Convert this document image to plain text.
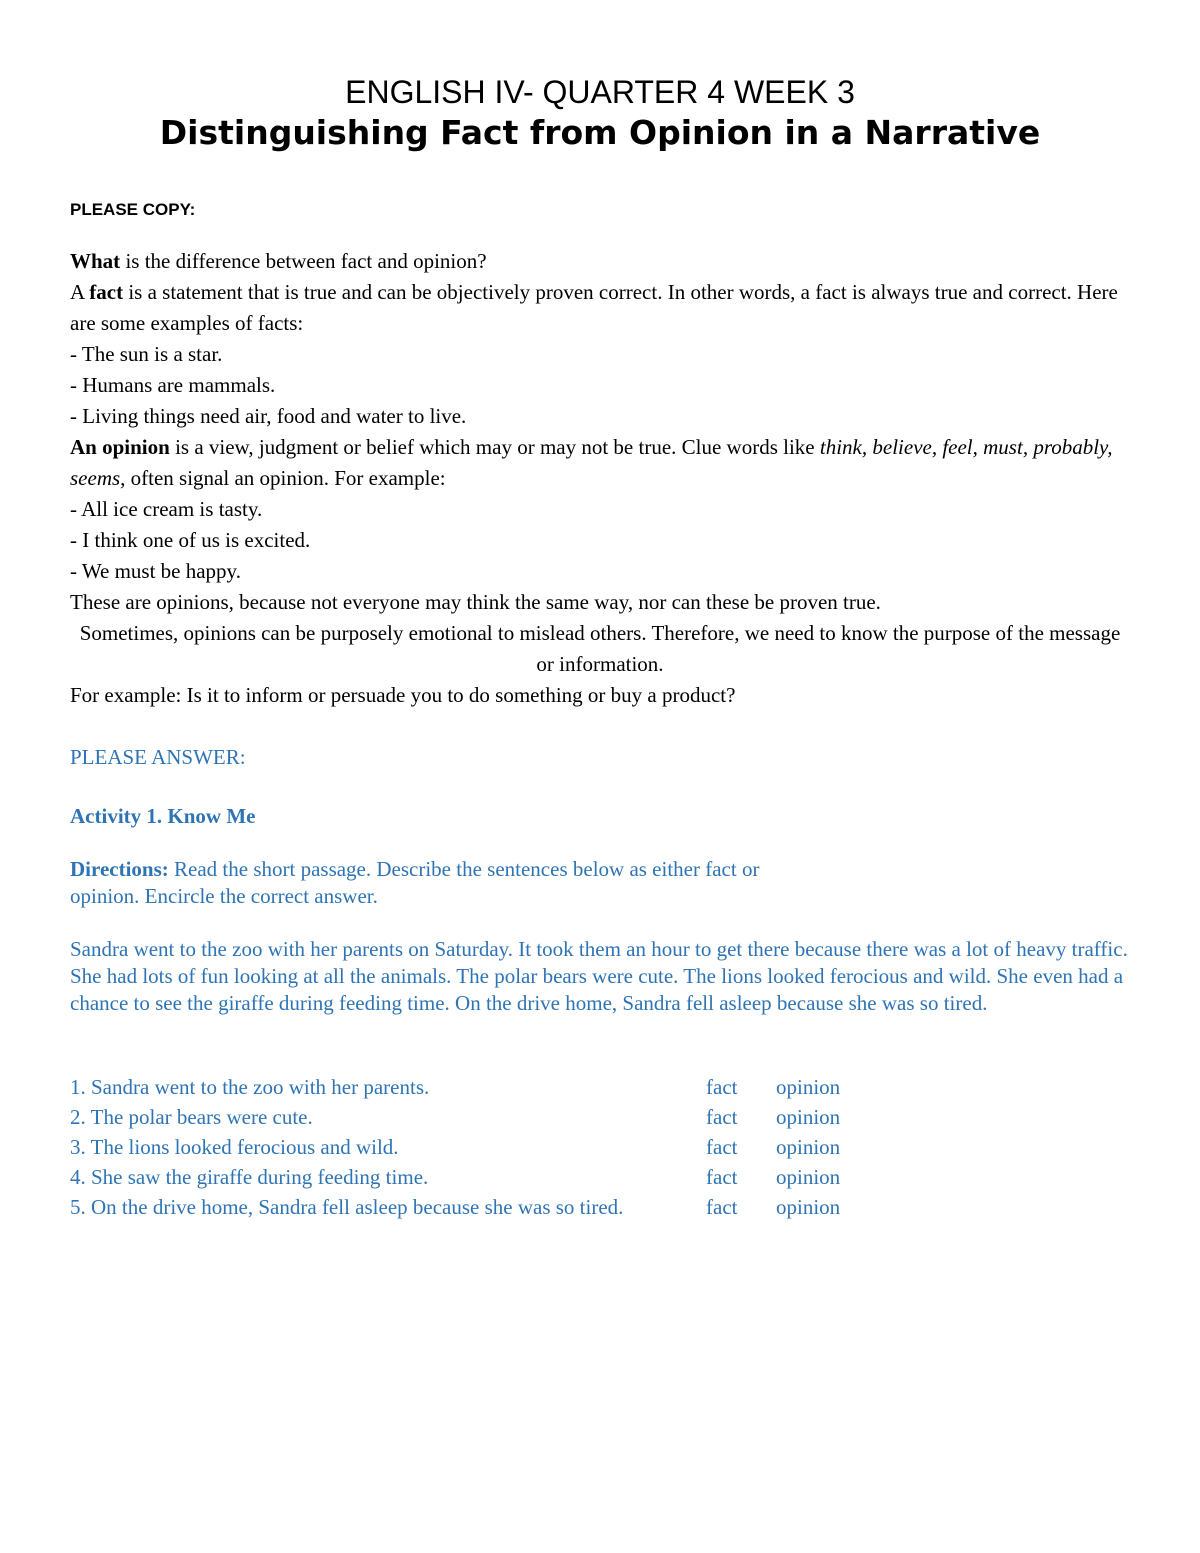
ENGLISH IV- QUARTER 4 WEEK 3
Distinguishing Fact from Opinion in a Narrative
PLEASE COPY:

What is the difference between fact and opinion?

A fact is a statement that is true and can be objectively proven correct. In other words, a fact is always true and correct. Here are some examples of facts:

- The sun is a star.

- Humans are mammals.

- Living things need air, food and water to live.

An opinion is a view, judgment or belief which may or may not be true. Clue words like think, believe, feel, must, probably, seems, often signal an opinion. For example:

- All ice cream is tasty.

- I think one of us is excited.

- We must be happy.

These are opinions, because not everyone may think the same way, nor can these be proven true.

Sometimes, opinions can be purposely emotional to mislead others. Therefore, we need to know the purpose of the message or information.

For example: Is it to inform or persuade you to do something or buy a product?

PLEASE ANSWER:
Activity 1. Know Me

Directions: Read the short passage. Describe the sentences below as either fact or

opinion. Encircle the correct answer.

Sandra went to the zoo with her parents on Saturday. It took them an hour to get there because there was a lot of heavy traffic. She had lots of fun looking at all the animals. The polar bears were cute. The lions looked ferocious and wild. She even had a chance to see the giraffe during feeding time. On the drive home, Sandra fell asleep because she was so tired.

1. Sandra went to the zoo with her parents.	fact opinion
2. The polar bears were cute.	fact opinion
3. The lions looked ferocious and wild.	fact opinion
4. She saw the giraffe during feeding time.	fact opinion
5. On the drive home, Sandra fell asleep because she was so tired.	fact opinion
